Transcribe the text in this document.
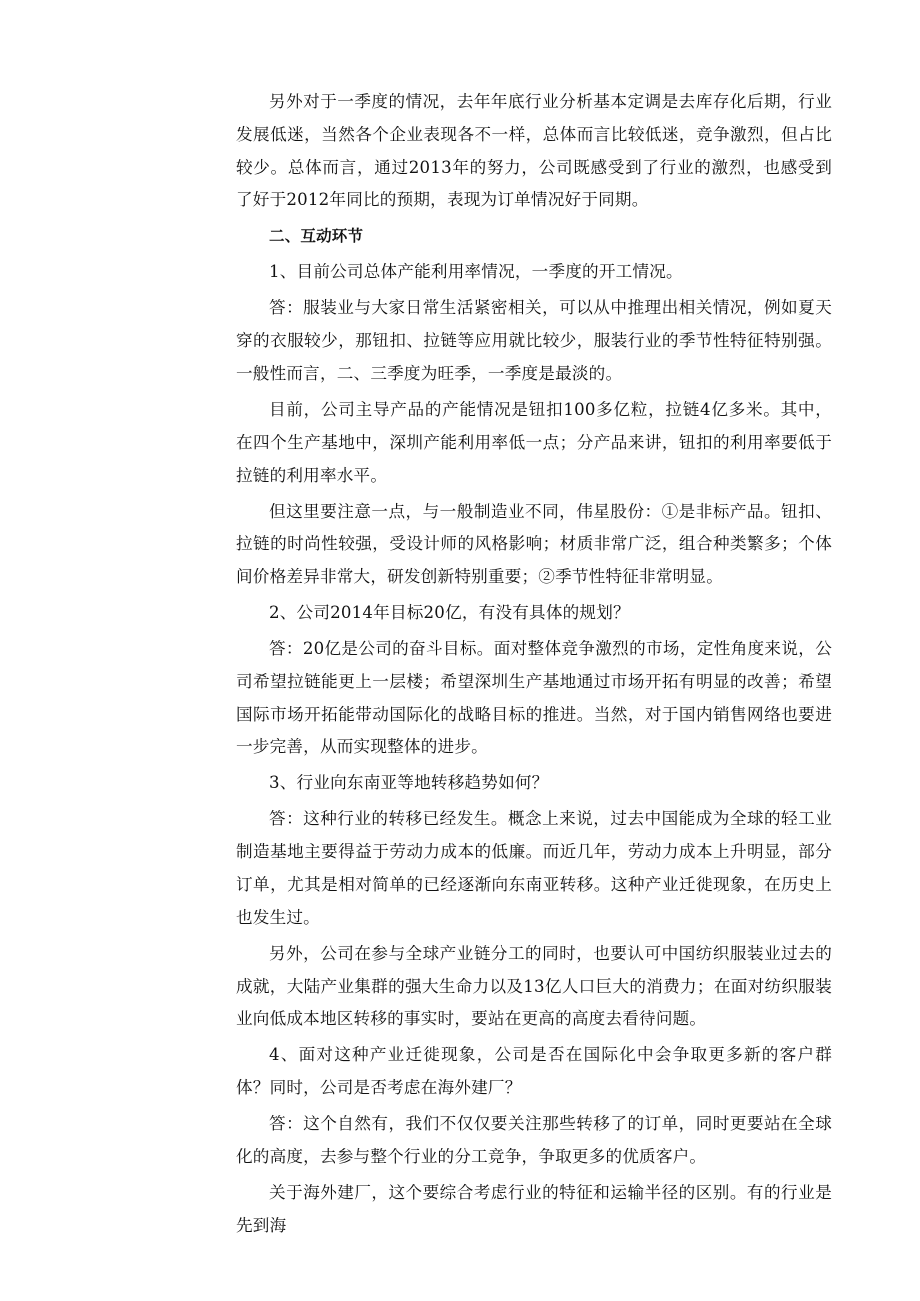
另外对于一季度的情况，去年年底行业分析基本定调是去库存化后期，行业发展低迷，当然各个企业表现各不一样，总体而言比较低迷，竞争激烈，但占比较少。总体而言，通过2013年的努力，公司既感受到了行业的激烈，也感受到了好于2012年同比的预期，表现为订单情况好于同期。

二、互动环节

1、目前公司总体产能利用率情况，一季度的开工情况。

答：服装业与大家日常生活紧密相关，可以从中推理出相关情况，例如夏天穿的衣服较少，那钮扣、拉链等应用就比较少，服装行业的季节性特征特别强。一般性而言，二、三季度为旺季，一季度是最淡的。

目前，公司主导产品的产能情况是钮扣100多亿粒，拉链4亿多米。其中，在四个生产基地中，深圳产能利用率低一点；分产品来讲，钮扣的利用率要低于拉链的利用率水平。

但这里要注意一点，与一般制造业不同，伟星股份：①是非标产品。钮扣、拉链的时尚性较强，受设计师的风格影响；材质非常广泛，组合种类繁多；个体间价格差异非常大，研发创新特别重要；②季节性特征非常明显。

2、公司2014年目标20亿，有没有具体的规划？

答：20亿是公司的奋斗目标。面对整体竞争激烈的市场，定性角度来说，公司希望拉链能更上一层楼；希望深圳生产基地通过市场开拓有明显的改善；希望国际市场开拓能带动国际化的战略目标的推进。当然，对于国内销售网络也要进一步完善，从而实现整体的进步。

3、行业向东南亚等地转移趋势如何？

答：这种行业的转移已经发生。概念上来说，过去中国能成为全球的轻工业制造基地主要得益于劳动力成本的低廉。而近几年，劳动力成本上升明显，部分订单，尤其是相对简单的已经逐渐向东南亚转移。这种产业迁徙现象，在历史上也发生过。

另外，公司在参与全球产业链分工的同时，也要认可中国纺织服装业过去的成就，大陆产业集群的强大生命力以及13亿人口巨大的消费力；在面对纺织服装业向低成本地区转移的事实时，要站在更高的高度去看待问题。

4、面对这种产业迁徙现象，公司是否在国际化中会争取更多新的客户群体？同时，公司是否考虑在海外建厂？

答：这个自然有，我们不仅仅要关注那些转移了的订单，同时更要站在全球化的高度，去参与整个行业的分工竞争，争取更多的优质客户。

关于海外建厂，这个要综合考虑行业的特征和运输半径的区别。有的行业是先到海
